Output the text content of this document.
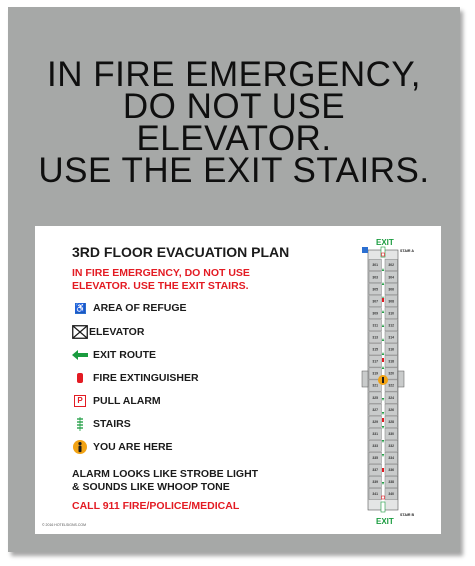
IN FIRE EMERGENCY,
DO NOT USE
ELEVATOR.
USE THE EXIT STAIRS.
3RD FLOOR EVACUATION PLAN
IN FIRE EMERGENCY, DO NOT USE
ELEVATOR. USE THE EXIT STAIRS.
♿ AREA OF REFUGE
ELEVATOR
EXIT ROUTE
FIRE EXTINGUISHER
P PULL ALARM
STAIRS
YOU ARE HERE
ALARM LOOKS LIKE STROBE LIGHT
& SOUNDS LIKE WHOOP TONE
CALL 911 FIRE/POLICE/MEDICAL
© 2016 HOTELSIGNS.COM
EXIT
STAIR A
STAIR B
EXIT
301	302
303	304
305	306
307	308
309	310
311	312
313	314
315	316
317	318
319	320
321	322
325	324
327	326
329	328
331	330
333	332
335	334
337	336
339	338
341	340
